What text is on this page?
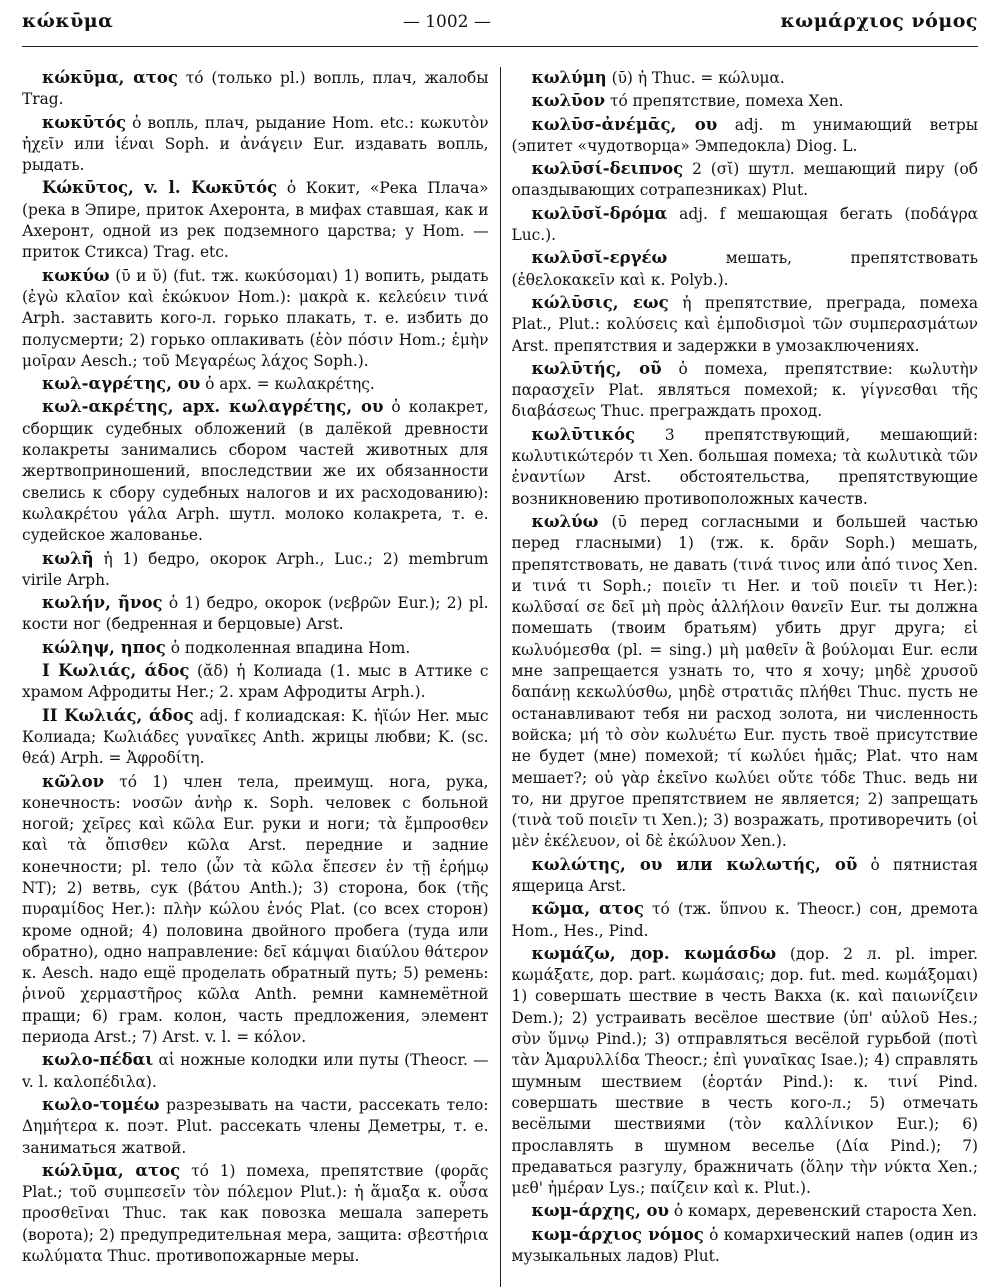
κώκῡμα	— 1002 —	κωμάρχιος νόμος

κώκῡμα, ατος τό (только pl.) вопль, плач, жалобы Trag.

κωκῡτός ὁ вопль, плач, рыдание Hom. etc.: κωκυτὸν ἠχεῖν или ἱέναι Soph. и ἀνάγειν Eur. издавать вопль, рыдать.

Κώκῡτος, v. l. Κωκῡτός ὁ Кокит, «Река Плача» (река в Эпире, приток Ахеронта, в мифах ставшая, как и Ахеронт, одной из рек подземного царства; у Hom. — приток Стикса) Trag. etc.

κωκύω (ῡ и ῠ) (fut. тж. κωκύσομαι) 1) вопить, рыдать (ἐγὼ κλαῖον καὶ ἐκώκυον Hom.): μακρὰ κ. κελεύειν τινά Arph. заставить кого-л. горько плакать, т. е. избить до полусмерти; 2) горько оплакивать (ἑὸν πόσιν Hom.; ἐμὴν μοῖραν Aesch.; τοῦ Μεγαρέως λάχος Soph.).

κωλ-αγρέτης, ου ὁ арх. = κωλακρέτης.

κωλ-ακρέτης, арх. κωλαγρέτης, ου ὁ колакрет, сборщик судебных обложений (в далёкой древности колакреты занимались сбором частей животных для жертвоприношений, впоследствии же их обязанности свелись к сбору судебных налогов и их расходованию): κωλακρέτου γάλα Arph. шутл. молоко колакрета, т. е. судейское жалованье.

κωλῆ ἡ 1) бедро, окорок Arph., Luc.; 2) membrum virile Arph.

κωλήν, ῆνος ὁ 1) бедро, окорок (νεβρῶν Eur.); 2) pl. кости ног (бедренная и берцовые) Arst.

κώληψ, ηπος ὁ подколенная впадина Hom.

I Κωλιάς, άδος (ᾰδ) ἡ Колиада (1. мыс в Аттике с храмом Афродиты Her.; 2. храм Афродиты Arph.).

II Κωλιάς, άδος adj. f колиадская: Κ. ἠϊών Her. мыс Колиада; Κωλιάδες γυναῖκες Anth. жрицы любви; Κ. (sc. θεά) Arph. = Ἀφροδίτη.

κῶλον τό 1) член тела, преимущ. нога, рука, конечность: νοσῶν ἀνὴρ κ. Soph. человек с больной ногой; χεῖρες καὶ κῶλα Eur. руки и ноги; τὰ ἔμπροσθεν καὶ τὰ ὄπισθεν κῶλα Arst. передние и задние конечности; pl. тело (ὧν τὰ κῶλα ἔπεσεν ἐν τῇ ἐρήμῳ NT); 2) ветвь, сук (βάτου Anth.); 3) сторона, бок (τῆς πυραμίδος Her.): πλὴν κώλου ἑνός Plat. (со всех сторон) кроме одной; 4) половина двойного пробега (туда или обратно), одно направление: δεῖ κάμψαι διαύλου θάτερον κ. Aesch. надо ещё проделать обратный путь; 5) ремень: ῥινοῦ χερμαστῆρος κῶλα Anth. ремни камнемётной пращи; 6) грам. колон, часть предложения, элемент периода Arst.; 7) Arst. v. l. = κόλον.

κωλο-πέδαι αἱ ножные колодки или путы (Theocr. — v. l. καλοπέδιλα).

κωλο-τομέω разрезывать на части, рассекать тело: Δημήτερα κ. поэт. Plut. рассекать члены Деметры, т. е. заниматься жатвой.

κώλῡμα, ατος τό 1) помеха, препятствие (φορᾶς Plat.; τοῦ συμπεσεῖν τὸν πόλεμον Plut.): ἡ ἅμαξα κ. οὖσα προσθεῖναι Thuc. так как повозка мешала запереть (ворота); 2) предупредительная мера, защита: σβεστήρια κωλύματα Thuc. противопожарные меры.

κωλύμη (ῡ) ἡ Thuc. = κώλυμα.

κωλῡον τό препятствие, помеха Xen.

κωλῡσ-ἀνέμᾱς, ου adj. m унимающий ветры (эпитет «чудотворца» Эмпедокла) Diog. L.

κωλῡσί-δειπνος 2 (σῐ) шутл. мешающий пиру (об опаздывающих сотрапезниках) Plut.

κωλῡσῐ-δρόμα adj. f мешающая бегать (ποδάγρα Luc.).

κωλῡσῐ-εργέω мешать, препятствовать (ἐθελοκακεῖν καὶ κ. Polyb.).

κώλῡσις, εως ἡ препятствие, преграда, помеха Plat., Plut.: κολύσεις καὶ ἐμποδισμοὶ τῶν συμπερασμάτων Arst. препятствия и задержки в умозаключениях.

κωλῡτής, οῦ ὁ помеха, препятствие: κωλυτὴν παρασχεῖν Plat. являться помехой; κ. γίγνεσθαι τῆς διαβάσεως Thuc. преграждать проход.

κωλῡτικός 3 препятствующий, мешающий: κωλυτικώτερόν τι Xen. большая помеха; τὰ κωλυτικὰ τῶν ἐναντίων Arst. обстоятельства, препятствующие возникновению противоположных качеств.

κωλύω (ῡ перед согласными и большей частью перед гласными) 1) (тж. κ. δρᾶν Soph.) мешать, препятствовать, не давать (τινά τινος или ἀπό τινος Xen. и τινά τι Soph.; ποιεῖν τι Her. и τοῦ ποιεῖν τι Her.): κωλῦσαί σε δεῖ μὴ πρὸς ἀλλήλοιν θανεῖν Eur. ты должна помешать (твоим братьям) убить друг друга; εἰ κωλυόμεσθα (pl. = sing.) μὴ μαθεῖν ἃ βούλομαι Eur. если мне запрещается узнать то, что я хочу; μηδὲ χρυσοῦ δαπάνῃ κεκωλύσθω, μηδὲ στρατιᾶς πλήθει Thuc. пусть не останавливают тебя ни расход золота, ни численность войска; μή τὸ σὸν κωλυέτω Eur. пусть твоё присутствие не будет (мне) помехой; τί κωλύει ἡμᾶς; Plat. что нам мешает?; οὐ γὰρ ἐκεῖνο κωλύει οὔτε τόδε Thuc. ведь ни то, ни другое препятствием не является; 2) запрещать (τινὰ τοῦ ποιεῖν τι Xen.); 3) возражать, противоречить (οἱ μὲν ἐκέλευον, οἱ δὲ ἐκώλυον Xen.).

κωλώτης, ου или κωλωτής, οῦ ὁ пятнистая ящерица Arst.

κῶμα, ατος τό (тж. ὕπνου κ. Theocr.) сон, дремота Hom., Hes., Pind.

κωμάζω, дор. κωμάσδω (дор. 2 л. pl. imper. κωμάξατε, дор. part. κωμάσαις; дор. fut. med. κωμάξομαι) 1) совершать шествие в честь Вакха (κ. καὶ παιωνίζειν Dem.); 2) устраивать весёлое шествие (ὑπ' αὐλοῦ Hes.; σὺν ὕμνῳ Pind.); 3) отправляться весёлой гурьбой (ποτὶ τὰν Ἀμαρυλλίδα Theocr.; ἐπὶ γυναῖκας Isae.); 4) справлять шумным шествием (ἑορτάν Pind.): κ. τινί Pind. совершать шествие в честь кого-л.; 5) отмечать весёлыми шествиями (τὸν καλλίνικον Eur.); 6) прославлять в шумном веселье (Δία Pind.); 7) предаваться разгулу, бражничать (ὅλην τὴν νύκτα Xen.; μεθ' ἡμέραν Lys.; παίζειν καὶ κ. Plut.).

κωμ-άρχης, ου ὁ комарх, деревенский староста Xen.

κωμ-άρχιος νόμος ὁ комархический напев (один из музыкальных ладов) Plut.
